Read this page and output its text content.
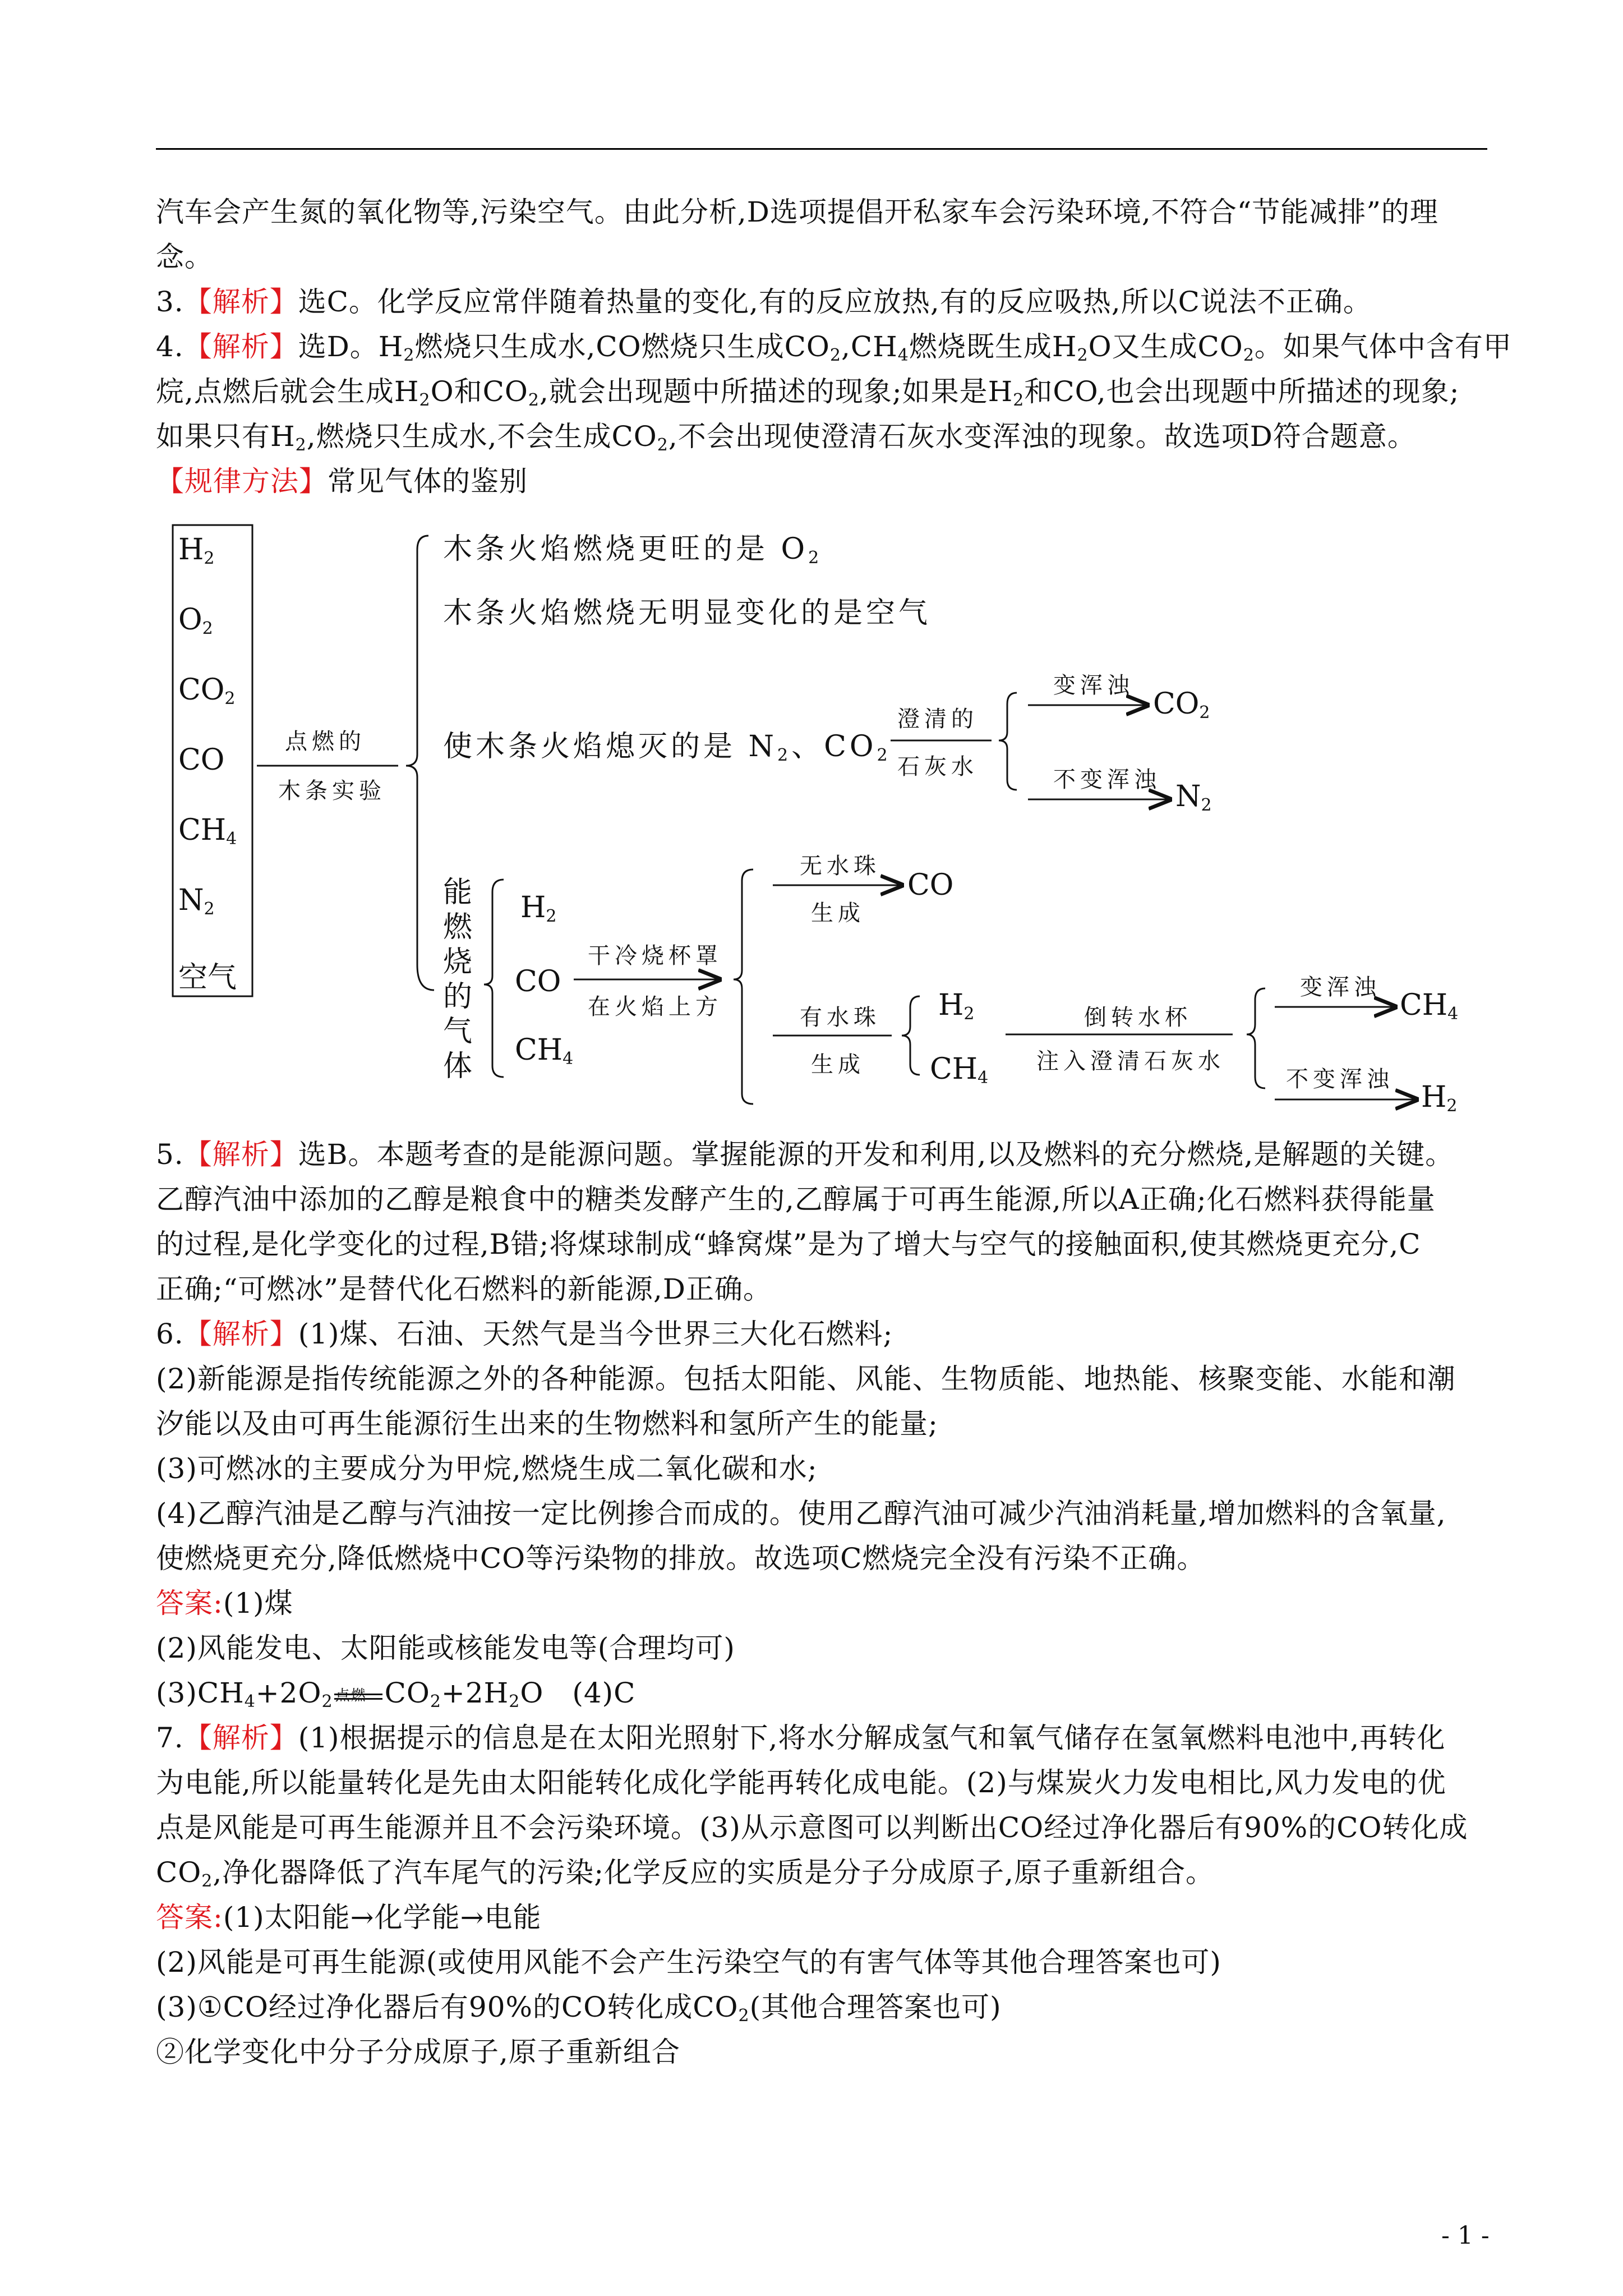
汽车会产生氮的氧化物等,污染空气。由此分析,D选项提倡开私家车会污染环境,不符合“节能减排”的理
念。
3.【解析】选C。化学反应常伴随着热量的变化,有的反应放热,有的反应吸热,所以C说法不正确。
4.【解析】选D。$H_2$燃烧只生成水,CO燃烧只生成$CO_2,CH_4$燃烧既生成$H_2O$又生成$CO_2$。如果气体中含有甲
烷,点燃后就会生成$H_2O$和$CO_2$,就会出现题中所描述的现象;如果是$H_2$和CO,也会出现题中所描述的现象;
如果只有$H_2$,燃烧只生成水,不会生成$CO_2$,不会出现使澄清石灰水变浑浊的现象。故选项D符合题意。
【规律方法】常见气体的鉴别
$H_2$
$O_2$
$CO_2$
CO
$CH_4$
$N_2$
空气
点燃的
木条实验
木条火焰燃烧更旺的是 $O_2$
木条火焰燃烧无明显变化的是空气
使木条火焰熄灭的是 $N_2$、$CO_2$
澄清的
石灰水
变浑浊
$CO_2$
不变浑浊 $N_2$
能
燃
烧
的
气
体
$H_2$
CO
$CH_4$
干冷烧杯罩
在火焰上方
无水珠
生成
CO
有水珠
生成
$H_2$
$CH_4$
倒转水杯
注入澄清石灰水
变浑浊
$CH_4$
不变浑浊
$H_2$
5.【解析】选B。本题考查的是能源问题。掌握能源的开发和利用,以及燃料的充分燃烧,是解题的关键。
乙醇汽油中添加的乙醇是粮食中的糖类发酵产生的,乙醇属于可再生能源,所以A正确;化石燃料获得能量
的过程,是化学变化的过程,B错;将煤球制成“蜂窝煤”是为了增大与空气的接触面积,使其燃烧更充分,C
正确;“可燃冰”是替代化石燃料的新能源,D正确。
6.【解析】(1)煤、石油、天然气是当今世界三大化石燃料;
(2)新能源是指传统能源之外的各种能源。包括太阳能、风能、生物质能、地热能、核聚变能、水能和潮
汐能以及由可再生能源衍生出来的生物燃料和氢所产生的能量;
(3)可燃冰的主要成分为甲烷,燃烧生成二氧化碳和水;
(4)乙醇汽油是乙醇与汽油按一定比例掺合而成的。使用乙醇汽油可减少汽油消耗量,增加燃料的含氧量,
使燃烧更充分,降低燃烧中CO等污染物的排放。故选项C燃烧完全没有污染不正确。
答案:(1)煤
(2)风能发电、太阳能或核能发电等(合理均可)
$(3)CH_4+2O_2$ 点燃 $CO_2+2H_2O$　(4)C
7.【解析】(1)根据提示的信息是在太阳光照射下,将水分解成氢气和氧气储存在氢氧燃料电池中,再转化
为电能,所以能量转化是先由太阳能转化成化学能再转化成电能。(2)与煤炭火力发电相比,风力发电的优
点是风能是可再生能源并且不会污染环境。(3)从示意图可以判断出CO经过净化器后有90%的CO转化成
$CO_2$,净化器降低了汽车尾气的污染;化学反应的实质是分子分成原子,原子重新组合。
答案:(1)太阳能→化学能→电能
(2)风能是可再生能源(或使用风能不会产生污染空气的有害气体等其他合理答案也可)
(3)①CO经过净化器后有90%的CO转化成$CO_2$(其他合理答案也可)
②化学变化中分子分成原子,原子重新组合
- 1 -
